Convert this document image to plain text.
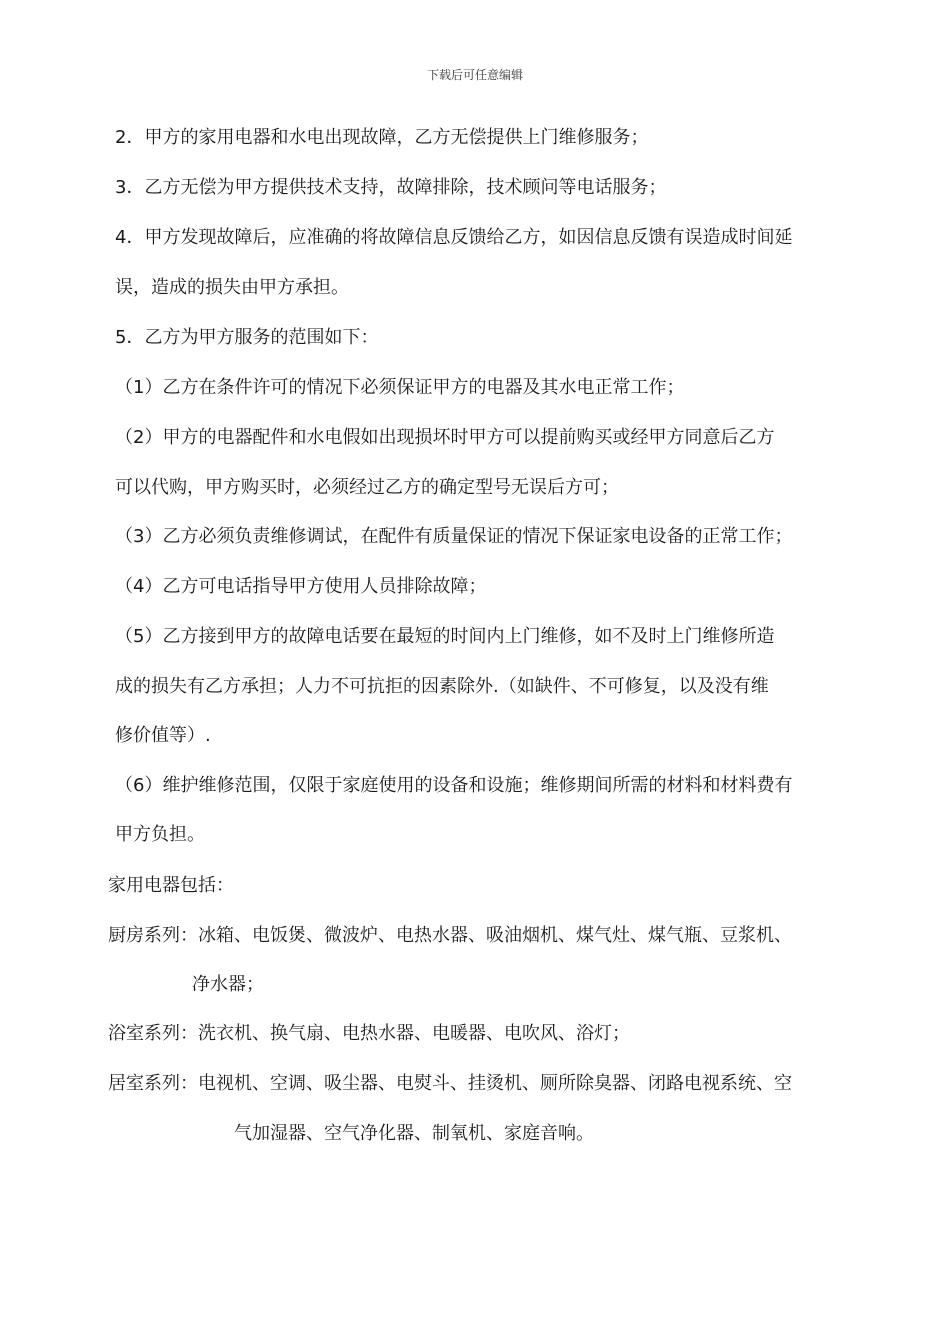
下载后可任意编辑
2．甲方的家用电器和水电出现故障，乙方无偿提供上门维修服务；
3．乙方无偿为甲方提供技术支持，故障排除，技术顾问等电话服务；
4．甲方发现故障后，应准确的将故障信息反馈给乙方，如因信息反馈有误造成时间延
误，造成的损失由甲方承担。
5．乙方为甲方服务的范围如下：
（1）乙方在条件许可的情况下必须保证甲方的电器及其水电正常工作；
（2）甲方的电器配件和水电假如出现损坏时甲方可以提前购买或经甲方同意后乙方
可以代购，甲方购买时，必须经过乙方的确定型号无误后方可；
（3）乙方必须负责维修调试，在配件有质量保证的情况下保证家电设备的正常工作；
（4）乙方可电话指导甲方使用人员排除故障；
（5）乙方接到甲方的故障电话要在最短的时间内上门维修，如不及时上门维修所造
成的损失有乙方承担；人力不可抗拒的因素除外.（如缺件、不可修复，以及没有维
修价值等）.
（6）维护维修范围，仅限于家庭使用的设备和设施；维修期间所需的材料和材料费有
甲方负担。
家用电器包括：
厨房系列：冰箱、电饭煲、微波炉、电热水器、吸油烟机、煤气灶、煤气瓶、豆浆机、
净水器；
浴室系列：洗衣机、换气扇、电热水器、电暖器、电吹风、浴灯；
居室系列：电视机、空调、吸尘器、电熨斗、挂烫机、厕所除臭器、闭路电视系统、空
气加湿器、空气净化器、制氧机、家庭音响。
